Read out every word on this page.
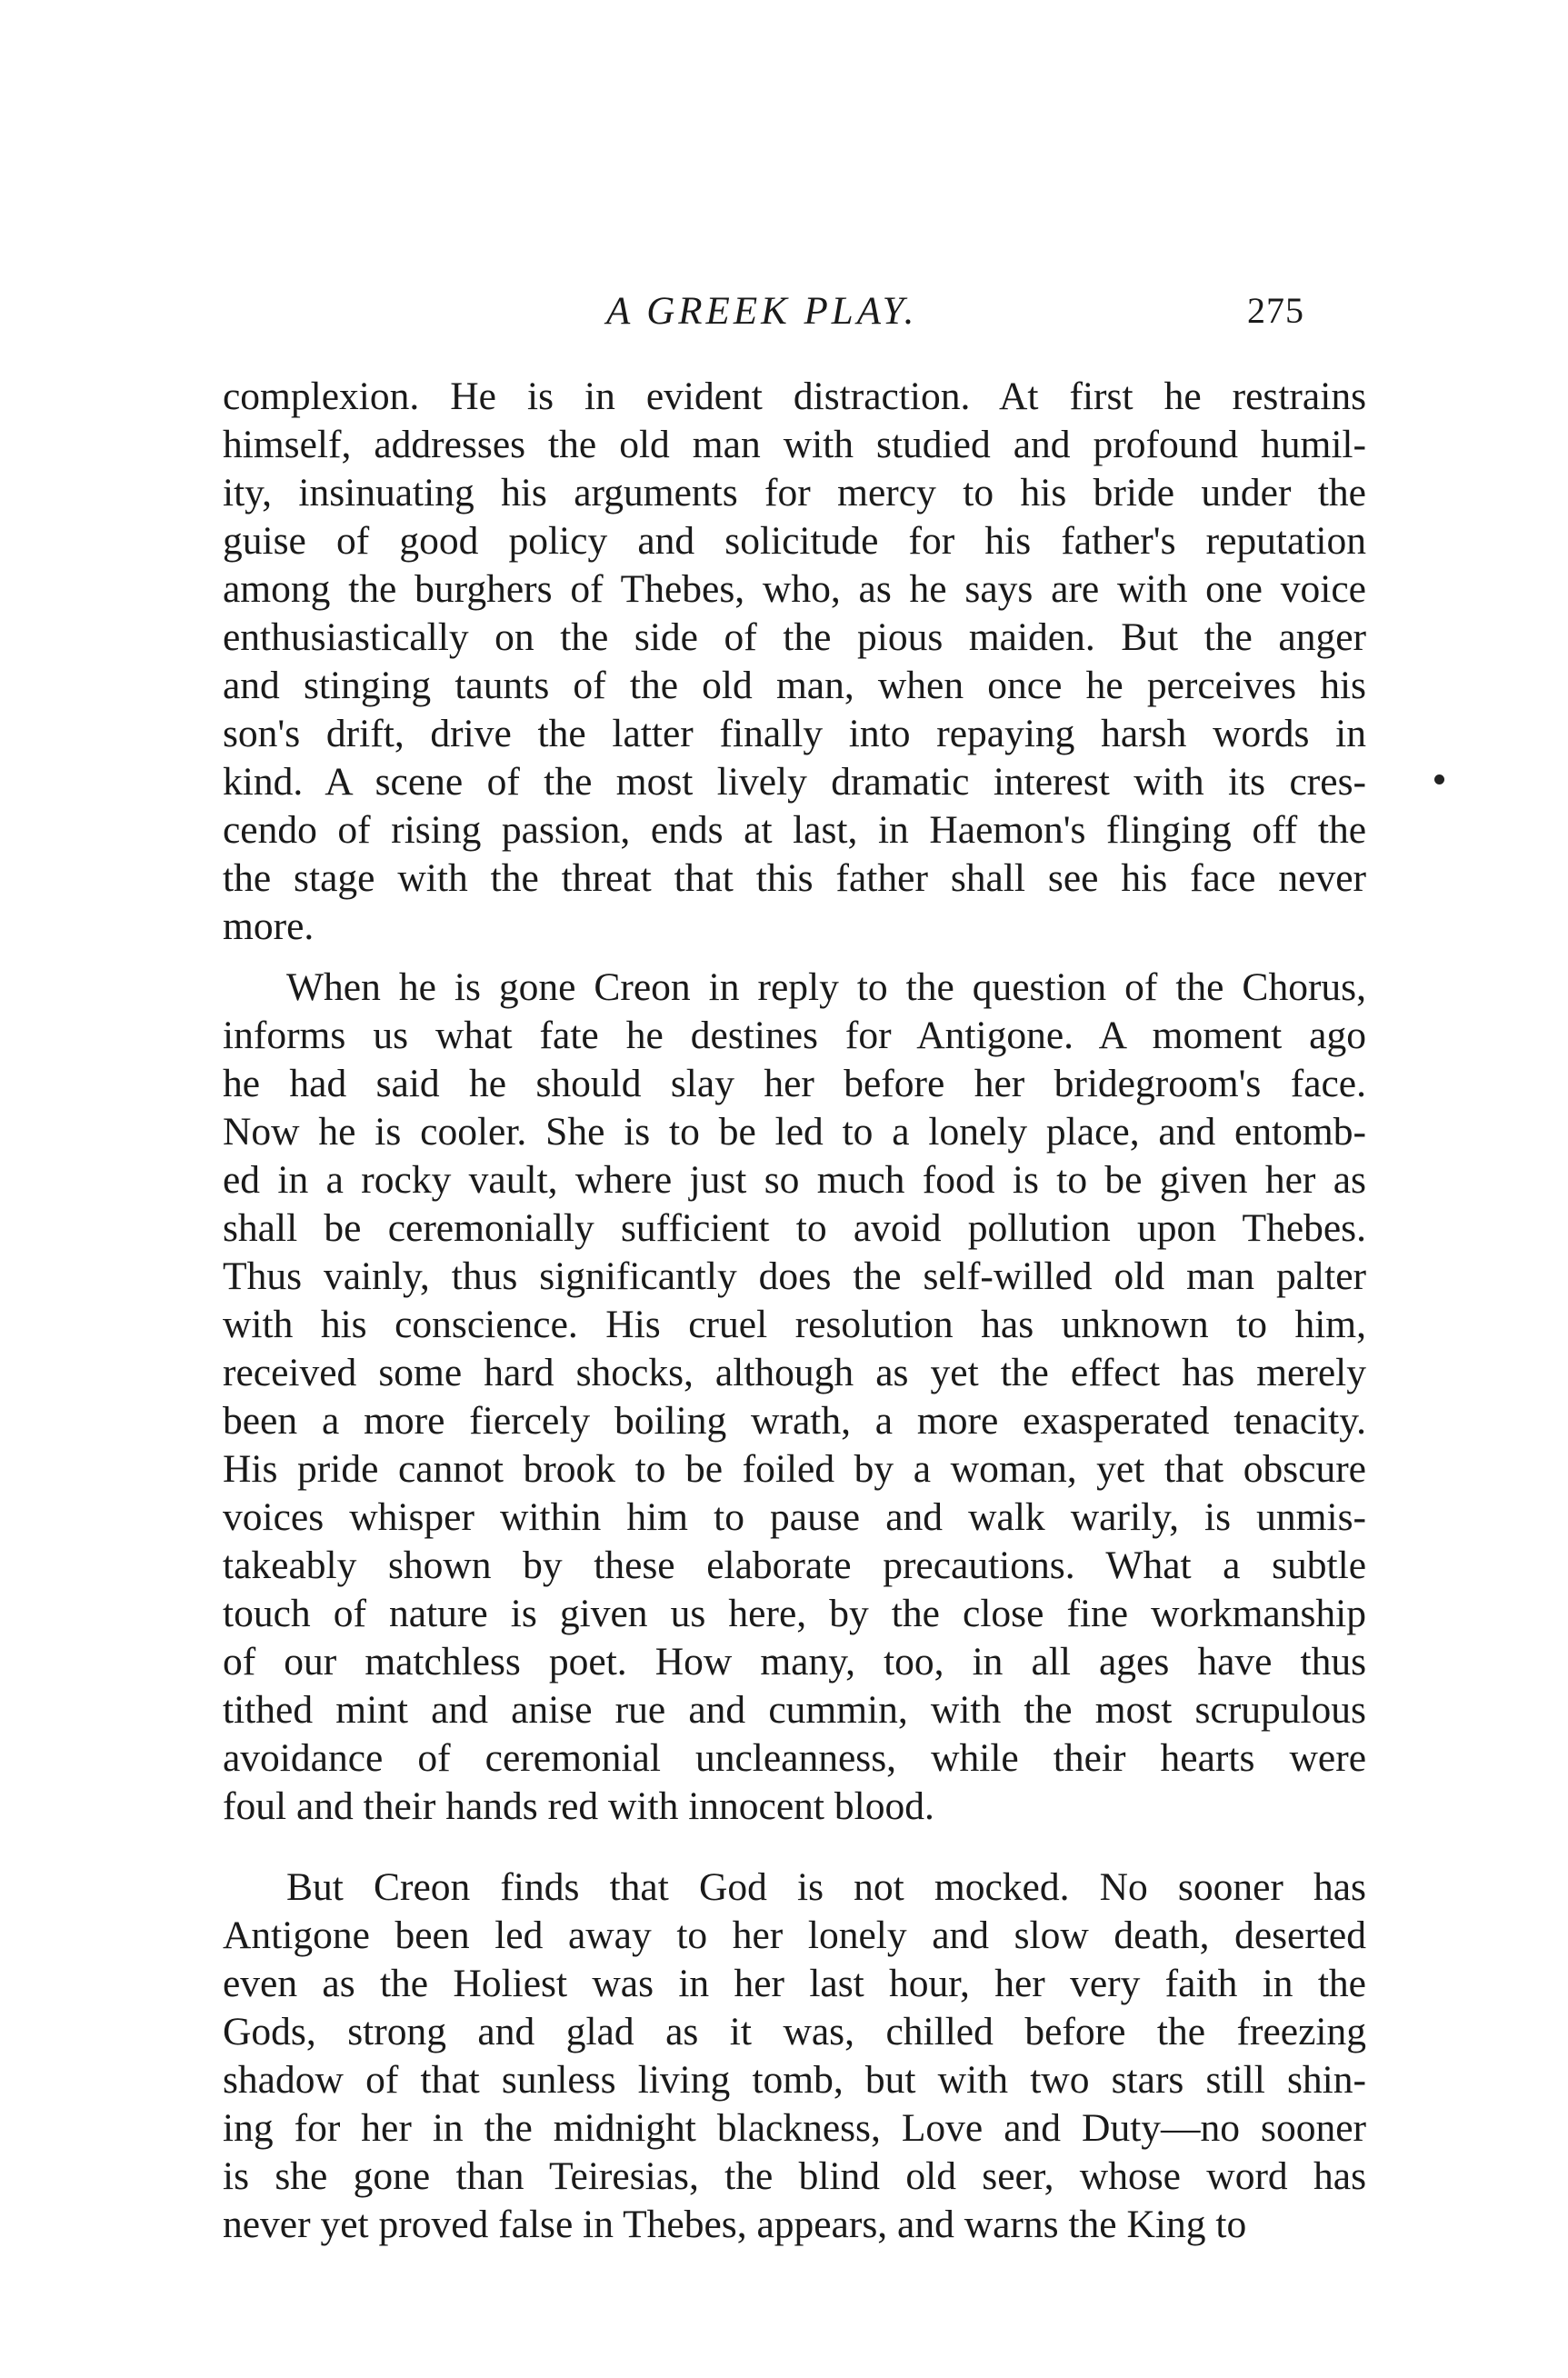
A GREEK PLAY.	275
complexion. He is in evident distraction. At first he restrains
himself, addresses the old man with studied and profound humil-
ity, insinuating his arguments for mercy to his bride under the
guise of good policy and solicitude for his father's reputation
among the burghers of Thebes, who, as he says are with one voice
enthusiastically on the side of the pious maiden. But the anger
and stinging taunts of the old man, when once he perceives his
son's drift, drive the latter finally into repaying harsh words in
kind. A scene of the most lively dramatic interest with its cres-
cendo of rising passion, ends at last, in Haemon's flinging off the
the stage with the threat that this father shall see his face never
more.
When he is gone Creon in reply to the question of the Chorus,
informs us what fate he destines for Antigone. A moment ago
he had said he should slay her before her bridegroom's face.
Now he is cooler. She is to be led to a lonely place, and entomb-
ed in a rocky vault, where just so much food is to be given her as
shall be ceremonially sufficient to avoid pollution upon Thebes.
Thus vainly, thus significantly does the self-willed old man palter
with his conscience. His cruel resolution has unknown to him,
received some hard shocks, although as yet the effect has merely
been a more fiercely boiling wrath, a more exasperated tenacity.
His pride cannot brook to be foiled by a woman, yet that obscure
voices whisper within him to pause and walk warily, is unmis-
takeably shown by these elaborate precautions. What a subtle
touch of nature is given us here, by the close fine workmanship
of our matchless poet. How many, too, in all ages have thus
tithed mint and anise rue and cummin, with the most scrupulous
avoidance of ceremonial uncleanness, while their hearts were
foul and their hands red with innocent blood.
But Creon finds that God is not mocked. No sooner has
Antigone been led away to her lonely and slow death, deserted
even as the Holiest was in her last hour, her very faith in the
Gods, strong and glad as it was, chilled before the freezing
shadow of that sunless living tomb, but with two stars still shin-
ing for her in the midnight blackness, Love and Duty—no sooner
is she gone than Teiresias, the blind old seer, whose word has
never yet proved false in Thebes, appears, and warns the King to
